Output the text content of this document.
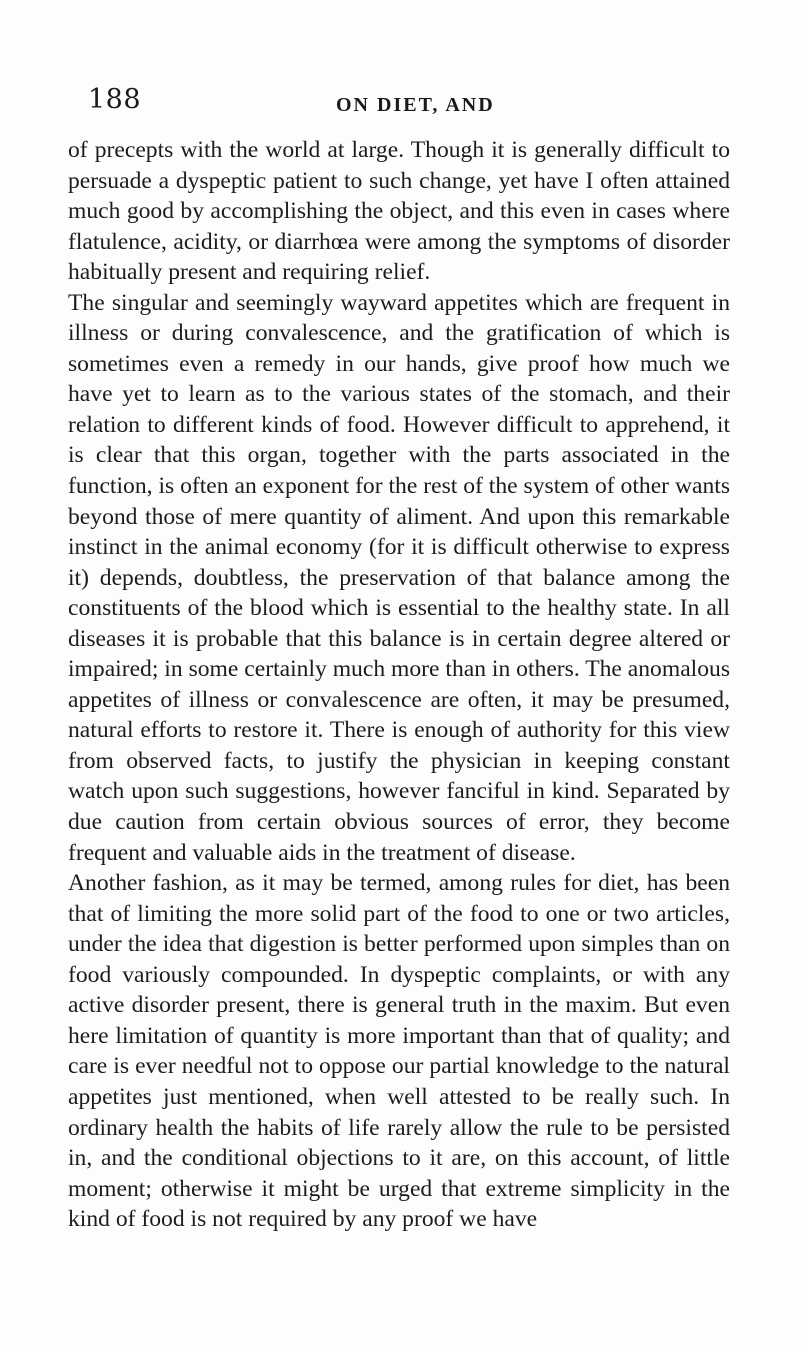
188	ON DIET, AND

of precepts with the world at large. Though it is generally difficult to persuade a dyspeptic patient to such change, yet have I often attained much good by accomplishing the object, and this even in cases where flatulence, acidity, or diarrhœa were among the symptoms of disorder habitually present and requiring relief.

The singular and seemingly wayward appetites which are frequent in illness or during convalescence, and the gratification of which is sometimes even a remedy in our hands, give proof how much we have yet to learn as to the various states of the stomach, and their relation to different kinds of food. However difficult to apprehend, it is clear that this organ, together with the parts associated in the function, is often an exponent for the rest of the system of other wants beyond those of mere quantity of aliment. And upon this remarkable instinct in the animal economy (for it is difficult otherwise to express it) depends, doubtless, the preservation of that balance among the constituents of the blood which is essential to the healthy state. In all diseases it is probable that this balance is in certain degree altered or impaired; in some certainly much more than in others. The anomalous appetites of illness or convalescence are often, it may be presumed, natural efforts to restore it. There is enough of authority for this view from observed facts, to justify the physician in keeping constant watch upon such suggestions, however fanciful in kind. Separated by due caution from certain obvious sources of error, they become frequent and valuable aids in the treatment of disease.

Another fashion, as it may be termed, among rules for diet, has been that of limiting the more solid part of the food to one or two articles, under the idea that digestion is better performed upon simples than on food variously compounded. In dyspeptic complaints, or with any active disorder present, there is general truth in the maxim. But even here limitation of quantity is more important than that of quality; and care is ever needful not to oppose our partial knowledge to the natural appetites just mentioned, when well attested to be really such. In ordinary health the habits of life rarely allow the rule to be persisted in, and the conditional objections to it are, on this account, of little moment; otherwise it might be urged that extreme simplicity in the kind of food is not required by any proof we have
